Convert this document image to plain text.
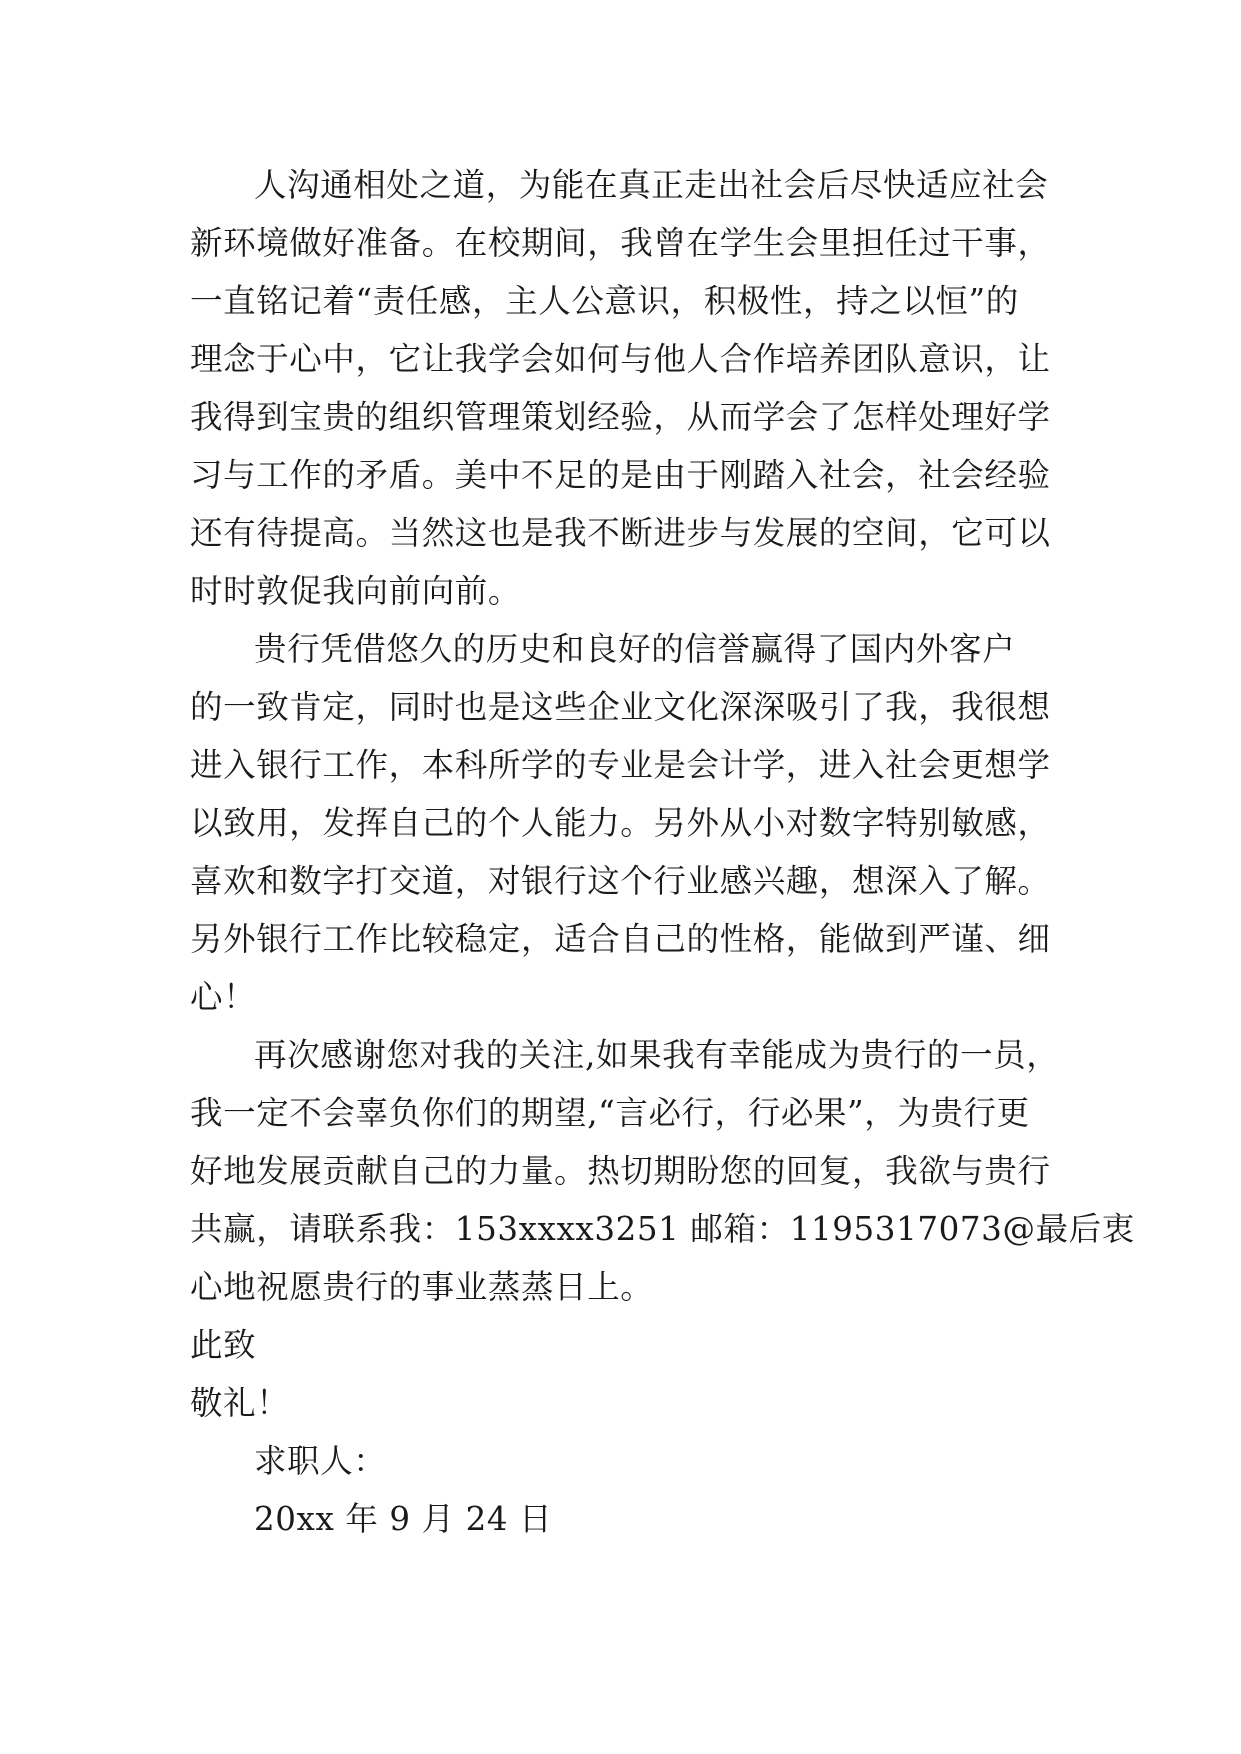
人沟通相处之道，为能在真正走出社会后尽快适应社会
新环境做好准备。在校期间，我曾在学生会里担任过干事，
一直铭记着“责任感，主人公意识，积极性，持之以恒”的
理念于心中，它让我学会如何与他人合作培养团队意识，让
我得到宝贵的组织管理策划经验，从而学会了怎样处理好学
习与工作的矛盾。美中不足的是由于刚踏入社会，社会经验
还有待提高。当然这也是我不断进步与发展的空间，它可以
时时敦促我向前向前。
贵行凭借悠久的历史和良好的信誉赢得了国内外客户
的一致肯定，同时也是这些企业文化深深吸引了我，我很想
进入银行工作，本科所学的专业是会计学，进入社会更想学
以致用，发挥自己的个人能力。另外从小对数字特别敏感，
喜欢和数字打交道，对银行这个行业感兴趣，想深入了解。
另外银行工作比较稳定，适合自己的性格，能做到严谨、细
心！
再次感谢您对我的关注,如果我有幸能成为贵行的一员，
我一定不会辜负你们的期望,“言必行，行必果”，为贵行更
好地发展贡献自己的力量。热切期盼您的回复，我欲与贵行
共赢，请联系我：153xxxx3251 邮箱：1195317073@最后衷
心地祝愿贵行的事业蒸蒸日上。
此致
敬礼！
求职人：
20xx 年 9 月 24 日
